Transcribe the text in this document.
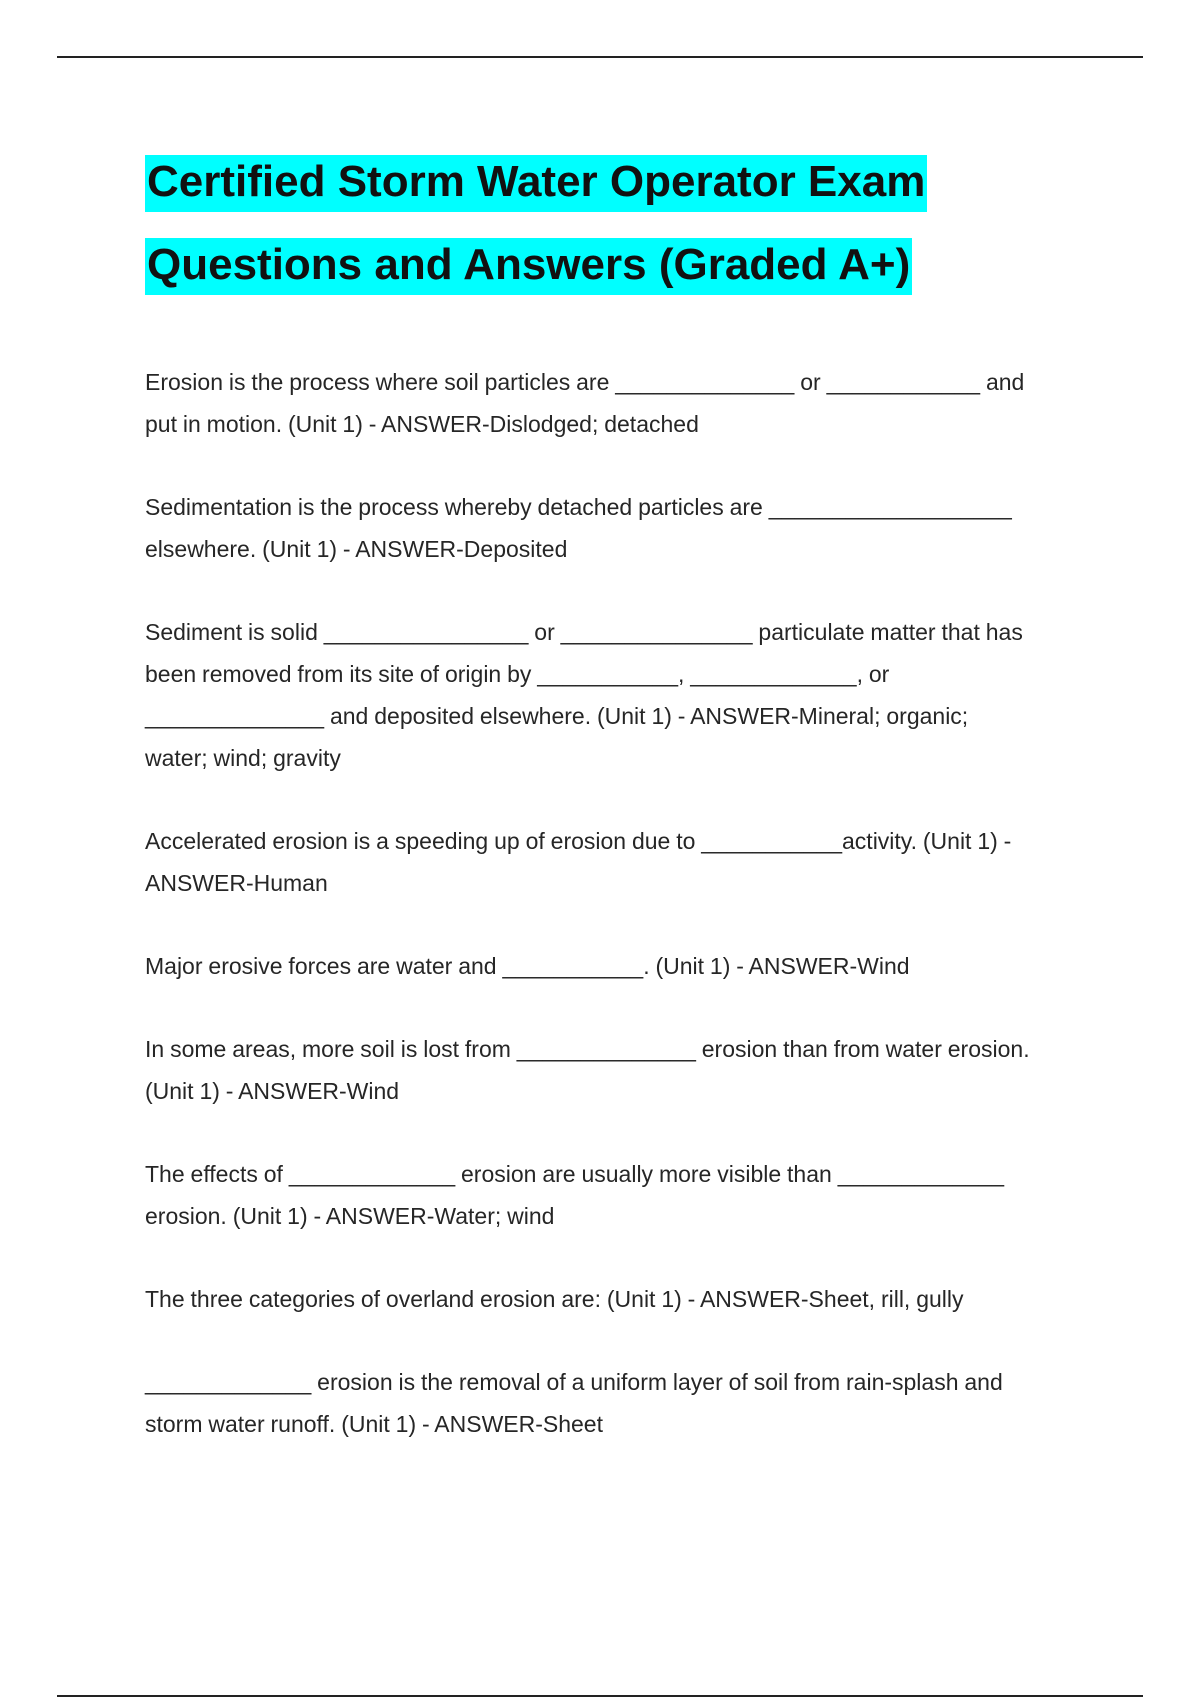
Certified Storm Water Operator Exam
Questions and Answers (Graded A+)

Erosion is the process where soil particles are ______________ or ____________ and
put in motion. (Unit 1) - ANSWER-Dislodged; detached

Sedimentation is the process whereby detached particles are ___________________
elsewhere. (Unit 1) - ANSWER-Deposited

Sediment is solid ________________ or _______________ particulate matter that has
been removed from its site of origin by ___________, _____________, or
______________ and deposited elsewhere. (Unit 1) - ANSWER-Mineral; organic;
water; wind; gravity

Accelerated erosion is a speeding up of erosion due to ___________activity. (Unit 1) -
ANSWER-Human

Major erosive forces are water and ___________. (Unit 1) - ANSWER-Wind

In some areas, more soil is lost from ______________ erosion than from water erosion.
(Unit 1) - ANSWER-Wind

The effects of _____________ erosion are usually more visible than _____________
erosion. (Unit 1) - ANSWER-Water; wind

The three categories of overland erosion are: (Unit 1) - ANSWER-Sheet, rill, gully

_____________ erosion is the removal of a uniform layer of soil from rain-splash and
storm water runoff. (Unit 1) - ANSWER-Sheet
